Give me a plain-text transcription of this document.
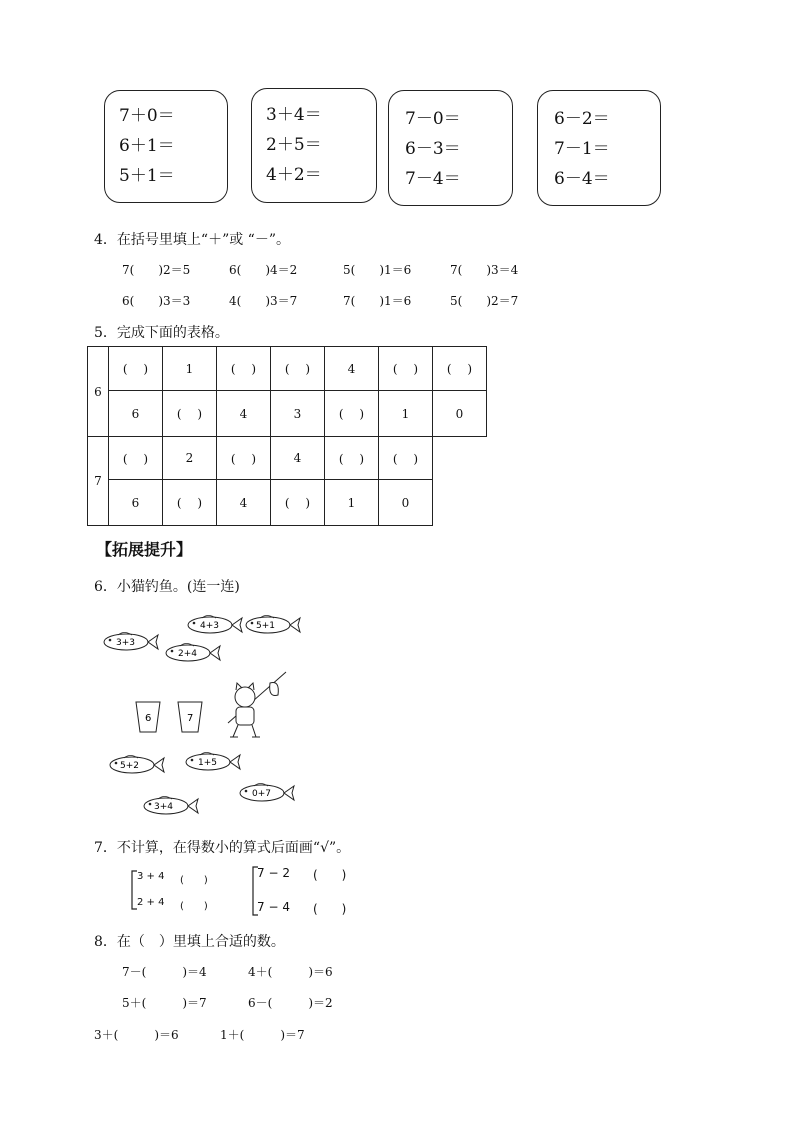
7＋0＝
6＋1＝
5＋1＝
3＋4＝
2＋5＝
4＋2＝
7－0＝
6－3＝
7－4＝
6－2＝
7－1＝
6－4＝
4．在括号里填上“＋”或 “－”。
7(　　)2＝5	6(　　)4＝2	5(　　)1＝6	7(　　)3＝4
6(　　)3＝3	4(　　)3＝7	7(　　)1＝6	5(　　)2＝7
5．完成下面的表格。
6	(　 )	1	(　 )	(　 )	4	(　 )	(　 )
	6	(　 )	4	3	(　 )	1	0
7	(　 )	2	(　 )	4	(　 )	(　 )
	6	(　 )	4	(　 )	1	0
【拓展提升】
6．小猫钓鱼。(连一连)
3+3
4+3	5+1
2+4
6	7
5+2	1+5
3+4
0+7
7．不计算，在得数小的算式后面画“√”。
3 + 4 (　　)
2 + 4 (　　)
7 − 2 (　　)
7 − 4 (　　)
8．在（　）里填上合适的数。
7－(　　　)＝4	4＋(　　　)＝6
5＋(　　　)＝7	6－(　　　)＝2
3＋(　　　)＝6	1＋(　　　)＝7
